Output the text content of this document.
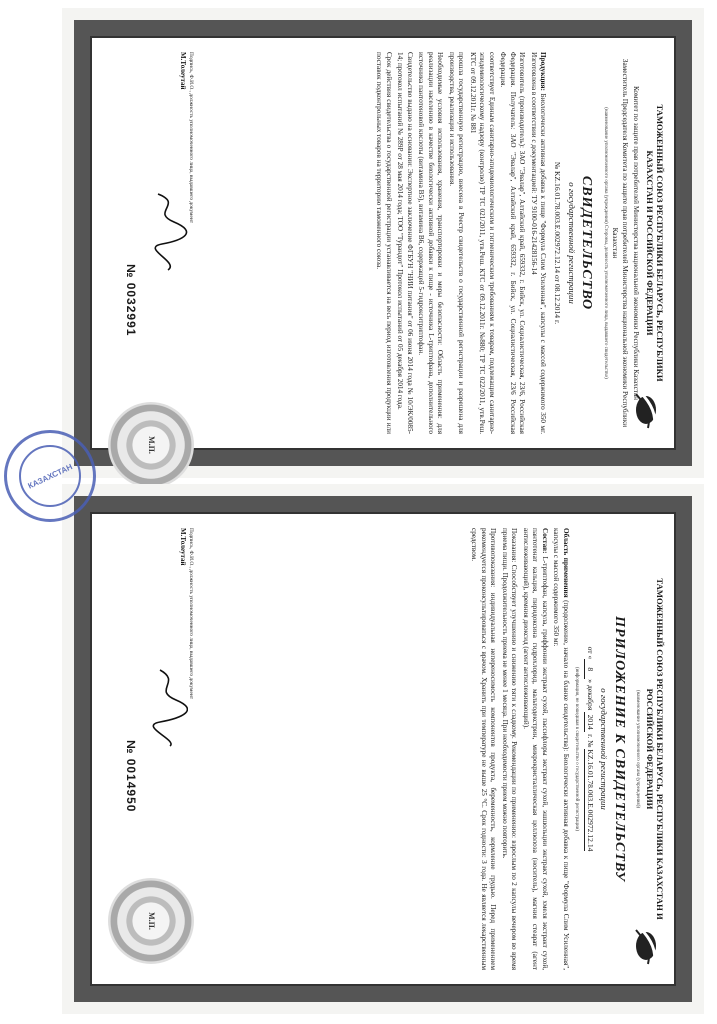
ТАМОЖЕННЫЙ СОЮЗ РЕСПУБЛИКИ БЕЛАРУСЬ, РЕСПУБЛИКИ КАЗАХСТАН И РОССИЙСКОЙ ФЕДЕРАЦИИ

Комитет по защите прав потребителей Министерства национальной экономики Республики Казахстан

Заместитель Председателя Комитета по защите прав потребителей Министерства национальной экономики Республики Казахстан

(наименование уполномоченного органа (учреждения) Стороны, должность уполномоченного лица, выдавшего свидетельство)
СВИДЕТЕЛЬСТВО
о государственной регистрации
№ KZ.16.01.78.003.Е.002972.12.14 от 08.12.2014 г.

Продукция: Биологически активная добавка к пище "Формула Слим Усиленная", капсулы с массой содержимого 350 мг. Изготовлена в соответствии с документацией: ТУ 9100-016-21428156-14

Изготовитель (производитель): ЗАО "Эвалар", Алтайский край, 659332, г. Бийск, ул. Социалистическая, 23/6, Российская Федерация. Получатель: ЗАО "Эвалар", Алтайский край, 659332, г. Бийск, ул. Социалистическая, 23/6 Российская Федерация.

соответствует Единым санитарно-эпидемиологическим и гигиеническим требованиям к товарам, подлежащим санитарно-эпидемиологическому надзору (контролю) ТР ТС 021/2011, утв.Реш. КТС от 09.12.2011г. №880; ТР ТС 022/2011, утв.Реш. КТС от 09.12.2011г. № 881

прошла государственную регистрацию, внесена в Реестр свидетельств о государственной регистрации и разрешена для производства, реализации и использования.

Необходимые условия использования, хранения, транспортировки и меры безопасности: Область применения: для реализации населению в качестве биологически активной добавки к пище - источника L-триптофана, дополнительного источника пантотеновой кислоты (витамина B5), витамина B6, содержащей 5-гидрокситриптофан.

Свидетельство выдано на основании: Экспертное заключение ФГБУН "НИИ питания" от 06 июня 2014 года № 10/ЭК/0085-14; протокол испытаний № 289Р от 28 мая 2014 года; ТОО "Турандот" Протокол испытаний от 05 декабря 2014 года.

Срок действия свидетельства о государственной регистрации устанавливается на весь период изготовления продукции или поставок подконтрольных товаров на территорию таможенного союза.

Подпись, Ф.И.О., должность уполномоченного лица, выдавшего документ
М.Толеутай
№ 0032991
М.П.
ТАМОЖЕННЫЙ СОЮЗ РЕСПУБЛИКИ БЕЛАРУСЬ, РЕСПУБЛИКИ КАЗАХСТАН И РОССИЙСКОЙ ФЕДЕРАЦИИ
(наименование уполномоченного органа (учреждения))
ПРИЛОЖЕНИЕ К СВИДЕТЕЛЬСТВУ
о государственной регистрации
от «8» декабря 2014 г. № KZ.16.01.78.003.Е.002972.12.14
(информация, не вошедшая в свидетельство о государственной регистрации)

Область применения (продолжение, начало на бланке свидетельства): Биологически активная добавка к пище "Формула Слим Усиленная", капсулы с массой содержимого 350 мг.

Состав: L-триптофан, капсула, гриффонии экстракт сухой, пассифлоры экстракт сухой, эшшольции экстракт сухой, хмеля экстракт сухой, пантотенат кальция, пиридоксина гидрохлорид, мальтодекстрин, микрокристаллическая целлюлоза (носитель), магния стеарат (агент антислеживающий), кремния диоксид (агент антислеживающий).

Показания: Способствует улучшению и снижению тяги к сладкому. Рекомендации по применению: взрослым по 2 капсулы вечером во время приема пищи. Продолжительность приема не менее 1 месяца. При необходимости прием можно повторить.

Противопоказания: индивидуальная непереносимость компонентов продукта, беременность, кормление грудью. Перед применением рекомендуется проконсультироваться с врачом. Хранить при температуре не выше 25 °С. Срок годности: 3 года. Не является лекарственным средством.

Подпись, Ф.И.О., должность уполномоченного лица, выдавшего документ
М.Толеутай
№ 0014950
М.П.
КАЗАХСТАН
